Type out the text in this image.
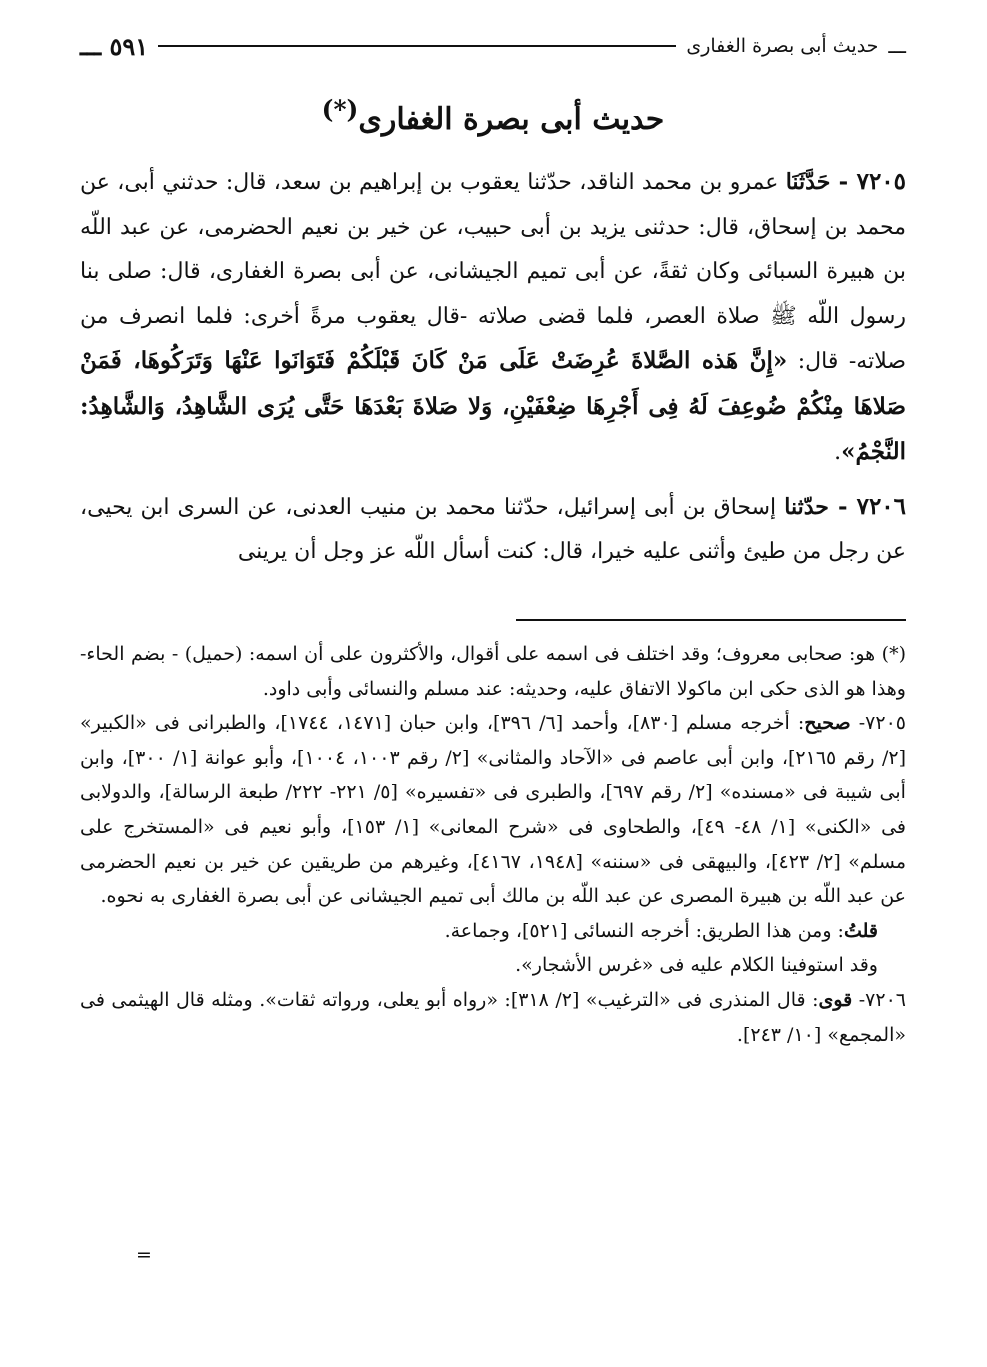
ـــ
حديث أبى بصرة الغفارى
٥٩١ ـــ
حديث أبى بصرة الغفارى(*)

٧٢٠٥ - حَدَّثَنَا عمرو بن محمد الناقد، حدّثنا يعقوب بن إبراهيم بن سعد، قال: حدثني أبى، عن محمد بن إسحاق، قال: حدثنى يزيد بن أبى حبيب، عن خير بن نعيم الحضرمى، عن عبد اللّه بن هبيرة السبائى وكان ثقةً، عن أبى تميم الجيشانى، عن أبى بصرة الغفارى، قال: صلى بنا رسول اللّه ﷺ صلاة العصر، فلما قضى صلاته -قال يعقوب مرةً أخرى: فلما انصرف من صلاته- قال: «إِنَّ هَذه الصَّلاةَ عُرِضَتْ عَلَى مَنْ كَانَ قَبْلَكُمْ فَتَوَانَوا عَنْهَا وَتَرَكُوهَا، فَمَنْ صَلاهَا مِنْكُمْ ضُوعِفَ لَهُ فِى أَجْرِهَا ضِعْفَيْنِ، وَلا صَلاةَ بَعْدَهَا حَتَّى يُرَى الشَّاهِدُ، وَالشَّاهِدُ: النَّجْمُ».

٧٢٠٦ - حدّثنا إسحاق بن أبى إسرائيل، حدّثنا محمد بن منيب العدنى، عن السرى ابن يحيى، عن رجل من طيئ وأثنى عليه خيرا، قال: كنت أسأل اللّه عز وجل أن يرينى

(*) هو: صحابى معروف؛ وقد اختلف فى اسمه على أقوال، والأكثرون على أن اسمه: (حميل) - بضم الحاء- وهذا هو الذى حكى ابن ماكولا الاتفاق عليه، وحديثه: عند مسلم والنسائى وأبى داود.

٧٢٠٥- صحيح: أخرجه مسلم [٨٣٠]، وأحمد [٦/ ٣٩٦]، وابن حبان [١٤٧١، ١٧٤٤]، والطبرانى فى «الكبير» [٢/ رقم ٢١٦٥]، وابن أبى عاصم فى «الآحاد والمثانى» [٢/ رقم ١٠٠٣، ١٠٠٤]، وأبو عوانة [١/ ٣٠٠]، وابن أبى شيبة فى «مسنده» [٢/ رقم ٦٩٧]، والطبرى فى «تفسيره» [٥/ ٢٢١- ٢٢٢/ طبعة الرسالة]، والدولابى فى «الكنى» [١/ ٤٨- ٤٩]، والطحاوى فى «شرح المعانى» [١/ ١٥٣]، وأبو نعيم فى «المستخرج على مسلم» [٢/ ٤٢٣]، والبيهقى فى «سننه» [١٩٤٨، ٤١٦٧]، وغيرهم من طريقين عن خير بن نعيم الحضرمى عن عبد اللّه بن هبيرة المصرى عن عبد اللّه بن مالك أبى تميم الجيشانى عن أبى بصرة الغفارى به نحوه.

قلتُ: ومن هذا الطريق: أخرجه النسائى [٥٢١]، وجماعة.

وقد استوفينا الكلام عليه فى «غرس الأشجار».

٧٢٠٦- قوى: قال المنذرى فى «الترغيب» [٢/ ٣١٨]: «رواه أبو يعلى، ورواته ثقات». ومثله قال الهيثمى فى «المجمع» [١٠/ ٢٤٣].

=
